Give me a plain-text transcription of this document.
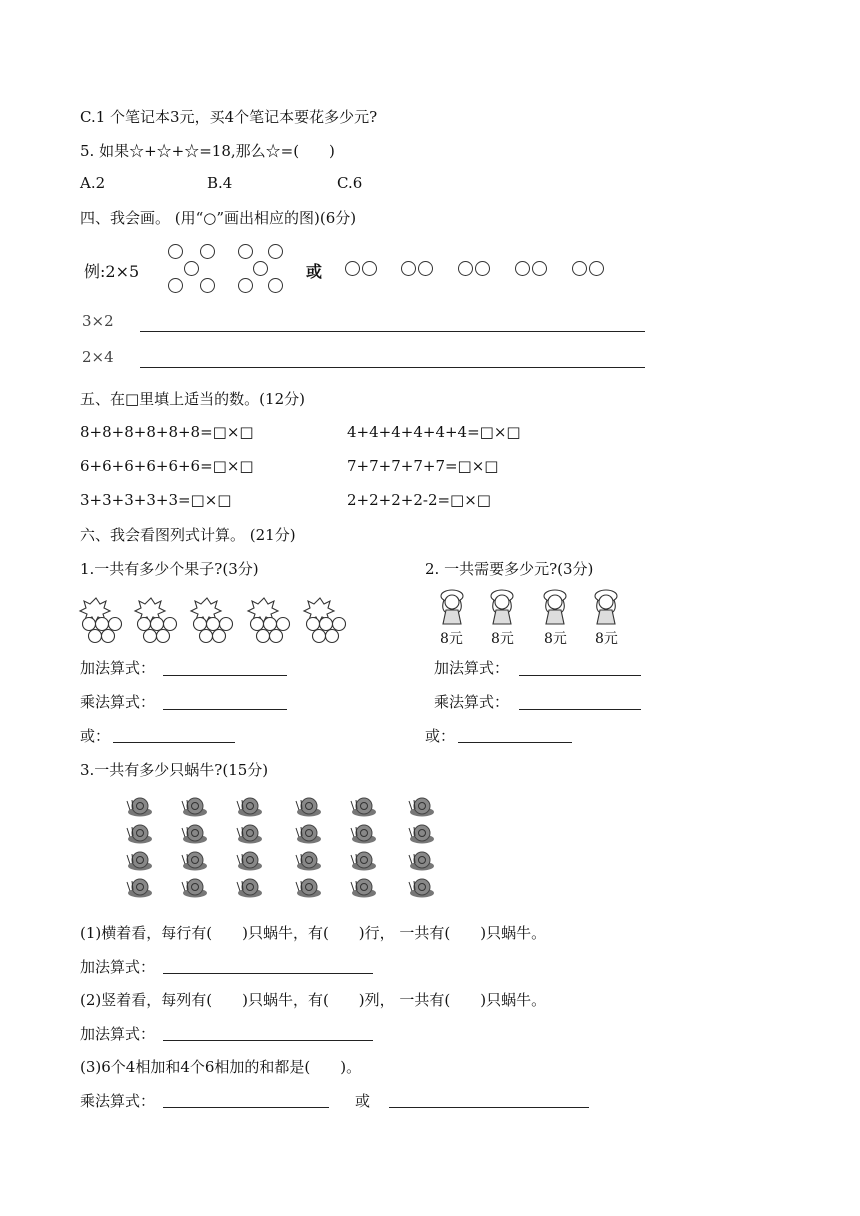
C.1 个笔记本3元，买4个笔记本要花多少元?
5. 如果☆+☆+☆=18,那么☆=(　　)
A.2	B.4	C.6
四、我会画。 (用“○”画出相应的图)(6分)
例:2×5	或
3×2
2×4
五、在□里填上适当的数。(12分)
8+8+8+8+8+8=□×□
6+6+6+6+6+6=□×□
3+3+3+3+3=□×□
4+4+4+4+4+4=□×□
7+7+7+7+7=□×□
2+2+2+2-2=□×□
六、我会看图列式计算。 (21分)
1.一共有多少个果子?(3分)	2. 一共需要多少元?(3分)
8元 8元 8元 8元
加法算式：
乘法算式：
或：
加法算式：
乘法算式：
或：
3.一共有多少只蜗牛?(15分)
(1)横着看，每行有(　　)只蜗牛，有(　　)行， 一共有(　　)只蜗牛。
加法算式：
(2)竖着看，每列有(　　)只蜗牛，有(　　)列， 一共有(　　)只蜗牛。
加法算式：
(3)6个4相加和4个6相加的和都是(　　)。
乘法算式：	或
